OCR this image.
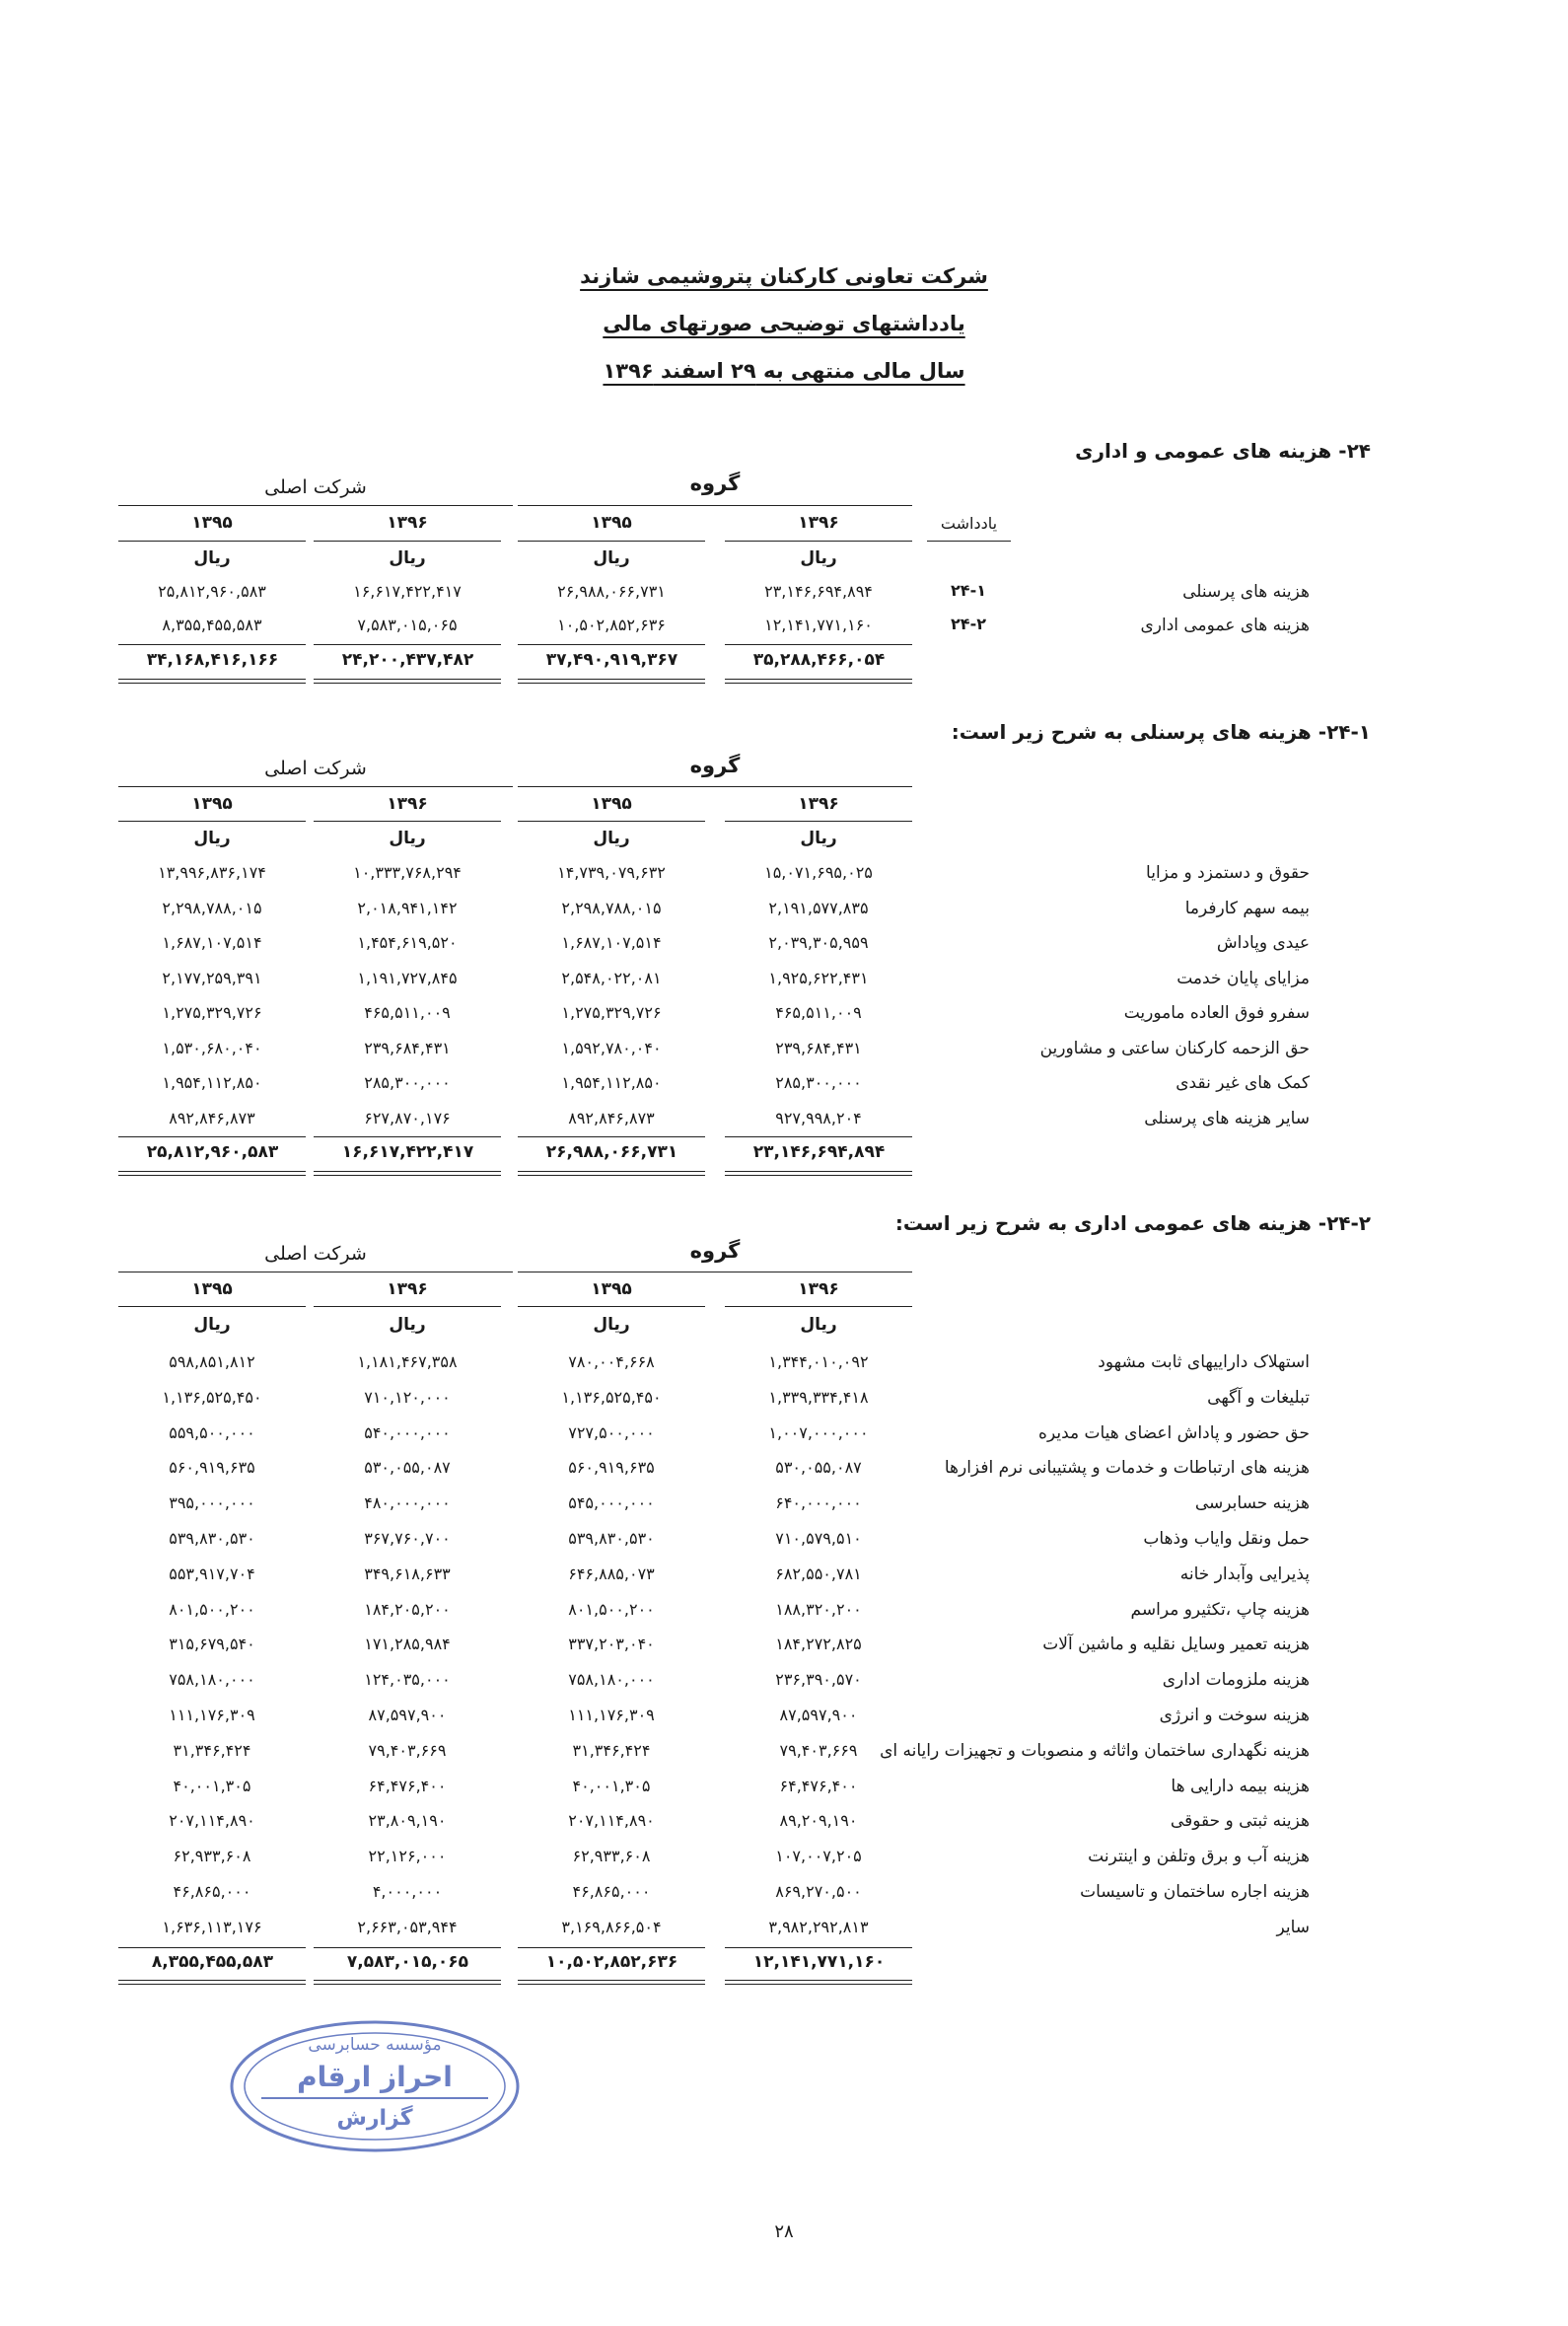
شرکت تعاونی کارکنان پتروشیمی شازند
یادداشتهای توضیحی صورتهای مالی
سال مالی منتهی به ۲۹ اسفند ۱۳۹۶
۲۴- هزینه های عمومی و اداری
گروه
شرکت اصلی
یادداشت
۱۳۹۶
۱۳۹۵
۱۳۹۶
۱۳۹۵
ریال
ریال
ریال
ریال
هزینه های پرسنلی
۲۴-۱
۲۳,۱۴۶,۶۹۴,۸۹۴
۲۶,۹۸۸,۰۶۶,۷۳۱
۱۶,۶۱۷,۴۲۲,۴۱۷
۲۵,۸۱۲,۹۶۰,۵۸۳
هزینه های عمومی اداری
۲۴-۲
۱۲,۱۴۱,۷۷۱,۱۶۰
۱۰,۵۰۲,۸۵۲,۶۳۶
۷,۵۸۳,۰۱۵,۰۶۵
۸,۳۵۵,۴۵۵,۵۸۳
۳۵,۲۸۸,۴۶۶,۰۵۴
۳۷,۴۹۰,۹۱۹,۳۶۷
۲۴,۲۰۰,۴۳۷,۴۸۲
۳۴,۱۶۸,۴۱۶,۱۶۶
۲۴-۱- هزینه های پرسنلی به شرح زیر است:
گروه
شرکت اصلی
۱۳۹۶
۱۳۹۵
۱۳۹۶
۱۳۹۵
ریال
ریال
ریال
ریال
حقوق و دستمزد و مزایا
۱۵,۰۷۱,۶۹۵,۰۲۵
۱۴,۷۳۹,۰۷۹,۶۳۲
۱۰,۳۳۳,۷۶۸,۲۹۴
۱۳,۹۹۶,۸۳۶,۱۷۴
بیمه سهم کارفرما
۲,۱۹۱,۵۷۷,۸۳۵
۲,۲۹۸,۷۸۸,۰۱۵
۲,۰۱۸,۹۴۱,۱۴۲
۲,۲۹۸,۷۸۸,۰۱۵
عیدی وپاداش
۲,۰۳۹,۳۰۵,۹۵۹
۱,۶۸۷,۱۰۷,۵۱۴
۱,۴۵۴,۶۱۹,۵۲۰
۱,۶۸۷,۱۰۷,۵۱۴
مزایای پایان خدمت
۱,۹۲۵,۶۲۲,۴۳۱
۲,۵۴۸,۰۲۲,۰۸۱
۱,۱۹۱,۷۲۷,۸۴۵
۲,۱۷۷,۲۵۹,۳۹۱
سفرو فوق العاده ماموریت
۴۶۵,۵۱۱,۰۰۹
۱,۲۷۵,۳۲۹,۷۲۶
۴۶۵,۵۱۱,۰۰۹
۱,۲۷۵,۳۲۹,۷۲۶
حق الزحمه کارکنان ساعتی و مشاورین
۲۳۹,۶۸۴,۴۳۱
۱,۵۹۲,۷۸۰,۰۴۰
۲۳۹,۶۸۴,۴۳۱
۱,۵۳۰,۶۸۰,۰۴۰
کمک های غیر نقدی
۲۸۵,۳۰۰,۰۰۰
۱,۹۵۴,۱۱۲,۸۵۰
۲۸۵,۳۰۰,۰۰۰
۱,۹۵۴,۱۱۲,۸۵۰
سایر هزینه های پرسنلی
۹۲۷,۹۹۸,۲۰۴
۸۹۲,۸۴۶,۸۷۳
۶۲۷,۸۷۰,۱۷۶
۸۹۲,۸۴۶,۸۷۳
۲۳,۱۴۶,۶۹۴,۸۹۴
۲۶,۹۸۸,۰۶۶,۷۳۱
۱۶,۶۱۷,۴۲۲,۴۱۷
۲۵,۸۱۲,۹۶۰,۵۸۳
۲۴-۲- هزینه های عمومی اداری به شرح زیر است:
گروه
شرکت اصلی
۱۳۹۶
۱۳۹۵
۱۳۹۶
۱۳۹۵
ریال
ریال
ریال
ریال
استهلاک داراییهای ثابت مشهود
۱,۳۴۴,۰۱۰,۰۹۲
۷۸۰,۰۰۴,۶۶۸
۱,۱۸۱,۴۶۷,۳۵۸
۵۹۸,۸۵۱,۸۱۲
تبلیغات و آگهی
۱,۳۳۹,۳۳۴,۴۱۸
۱,۱۳۶,۵۲۵,۴۵۰
۷۱۰,۱۲۰,۰۰۰
۱,۱۳۶,۵۲۵,۴۵۰
حق حضور و پاداش اعضای هیات مدیره
۱,۰۰۷,۰۰۰,۰۰۰
۷۲۷,۵۰۰,۰۰۰
۵۴۰,۰۰۰,۰۰۰
۵۵۹,۵۰۰,۰۰۰
هزینه های ارتباطات و خدمات و پشتیبانی نرم افزارها
۵۳۰,۰۵۵,۰۸۷
۵۶۰,۹۱۹,۶۳۵
۵۳۰,۰۵۵,۰۸۷
۵۶۰,۹۱۹,۶۳۵
هزینه حسابرسی
۶۴۰,۰۰۰,۰۰۰
۵۴۵,۰۰۰,۰۰۰
۴۸۰,۰۰۰,۰۰۰
۳۹۵,۰۰۰,۰۰۰
حمل ونقل وایاب وذهاب
۷۱۰,۵۷۹,۵۱۰
۵۳۹,۸۳۰,۵۳۰
۳۶۷,۷۶۰,۷۰۰
۵۳۹,۸۳۰,۵۳۰
پذیرایی وآبدار خانه
۶۸۲,۵۵۰,۷۸۱
۶۴۶,۸۸۵,۰۷۳
۳۴۹,۶۱۸,۶۳۳
۵۵۳,۹۱۷,۷۰۴
هزینه چاپ ،تکثیرو مراسم
۱۸۸,۳۲۰,۲۰۰
۸۰۱,۵۰۰,۲۰۰
۱۸۴,۲۰۵,۲۰۰
۸۰۱,۵۰۰,۲۰۰
هزینه تعمیر وسایل نقلیه و ماشین آلات
۱۸۴,۲۷۲,۸۲۵
۳۳۷,۲۰۳,۰۴۰
۱۷۱,۲۸۵,۹۸۴
۳۱۵,۶۷۹,۵۴۰
هزینه ملزومات اداری
۲۳۶,۳۹۰,۵۷۰
۷۵۸,۱۸۰,۰۰۰
۱۲۴,۰۳۵,۰۰۰
۷۵۸,۱۸۰,۰۰۰
هزینه سوخت و انرژی
۸۷,۵۹۷,۹۰۰
۱۱۱,۱۷۶,۳۰۹
۸۷,۵۹۷,۹۰۰
۱۱۱,۱۷۶,۳۰۹
هزینه نگهداری ساختمان واثاثه و منصوبات و تجهیزات رایانه ای
۷۹,۴۰۳,۶۶۹
۳۱,۳۴۶,۴۲۴
۷۹,۴۰۳,۶۶۹
۳۱,۳۴۶,۴۲۴
هزینه بیمه دارایی ها
۶۴,۴۷۶,۴۰۰
۴۰,۰۰۱,۳۰۵
۶۴,۴۷۶,۴۰۰
۴۰,۰۰۱,۳۰۵
هزینه ثبتی و حقوقی
۸۹,۲۰۹,۱۹۰
۲۰۷,۱۱۴,۸۹۰
۲۳,۸۰۹,۱۹۰
۲۰۷,۱۱۴,۸۹۰
هزینه آب و برق وتلفن و اینترنت
۱۰۷,۰۰۷,۲۰۵
۶۲,۹۳۳,۶۰۸
۲۲,۱۲۶,۰۰۰
۶۲,۹۳۳,۶۰۸
هزینه اجاره ساختمان و تاسیسات
۸۶۹,۲۷۰,۵۰۰
۴۶,۸۶۵,۰۰۰
۴,۰۰۰,۰۰۰
۴۶,۸۶۵,۰۰۰
سایر
۳,۹۸۲,۲۹۲,۸۱۳
۳,۱۶۹,۸۶۶,۵۰۴
۲,۶۶۳,۰۵۳,۹۴۴
۱,۶۳۶,۱۱۳,۱۷۶
۱۲,۱۴۱,۷۷۱,۱۶۰
۱۰,۵۰۲,۸۵۲,۶۳۶
۷,۵۸۳,۰۱۵,۰۶۵
۸,۳۵۵,۴۵۵,۵۸۳
مؤسسه حسابرسی
احراز ارقام
گزارش
۲۸
